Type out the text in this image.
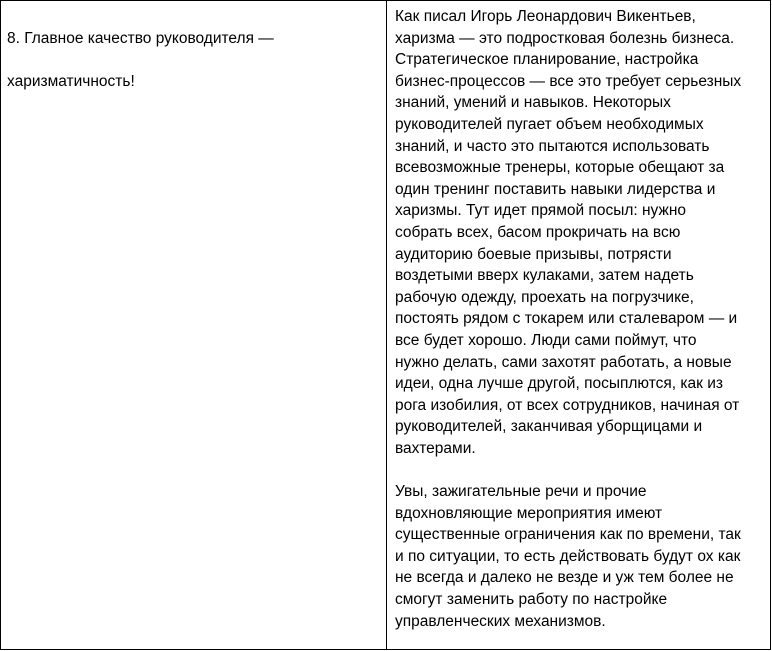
8. Главное качество руководителя —

харизматичность!

Как писал Игорь Леонардович Викентьев,
харизма — это подростковая болезнь бизнеса.
Стратегическое планирование, настройка
бизнес-процессов — все это требует серьезных
знаний, умений и навыков. Некоторых
руководителей пугает объем необходимых
знаний, и часто это пытаются использовать
всевозможные тренеры, которые обещают за
один тренинг поставить навыки лидерства и
харизмы. Тут идет прямой посыл: нужно
собрать всех, басом прокричать на всю
аудиторию боевые призывы, потрясти
воздетыми вверх кулаками, затем надеть
рабочую одежду, проехать на погрузчике,
постоять рядом с токарем или сталеваром — и
все будет хорошо. Люди сами поймут, что
нужно делать, сами захотят работать, а новые
идеи, одна лучше другой, посыплются, как из
рога изобилия, от всех сотрудников, начиная от
руководителей, заканчивая уборщицами и
вахтерами.

Увы, зажигательные речи и прочие
вдохновляющие мероприятия имеют
существенные ограничения как по времени, так
и по ситуации, то есть действовать будут ох как
не всегда и далеко не везде и уж тем более не
смогут заменить работу по настройке
управленческих механизмов.
